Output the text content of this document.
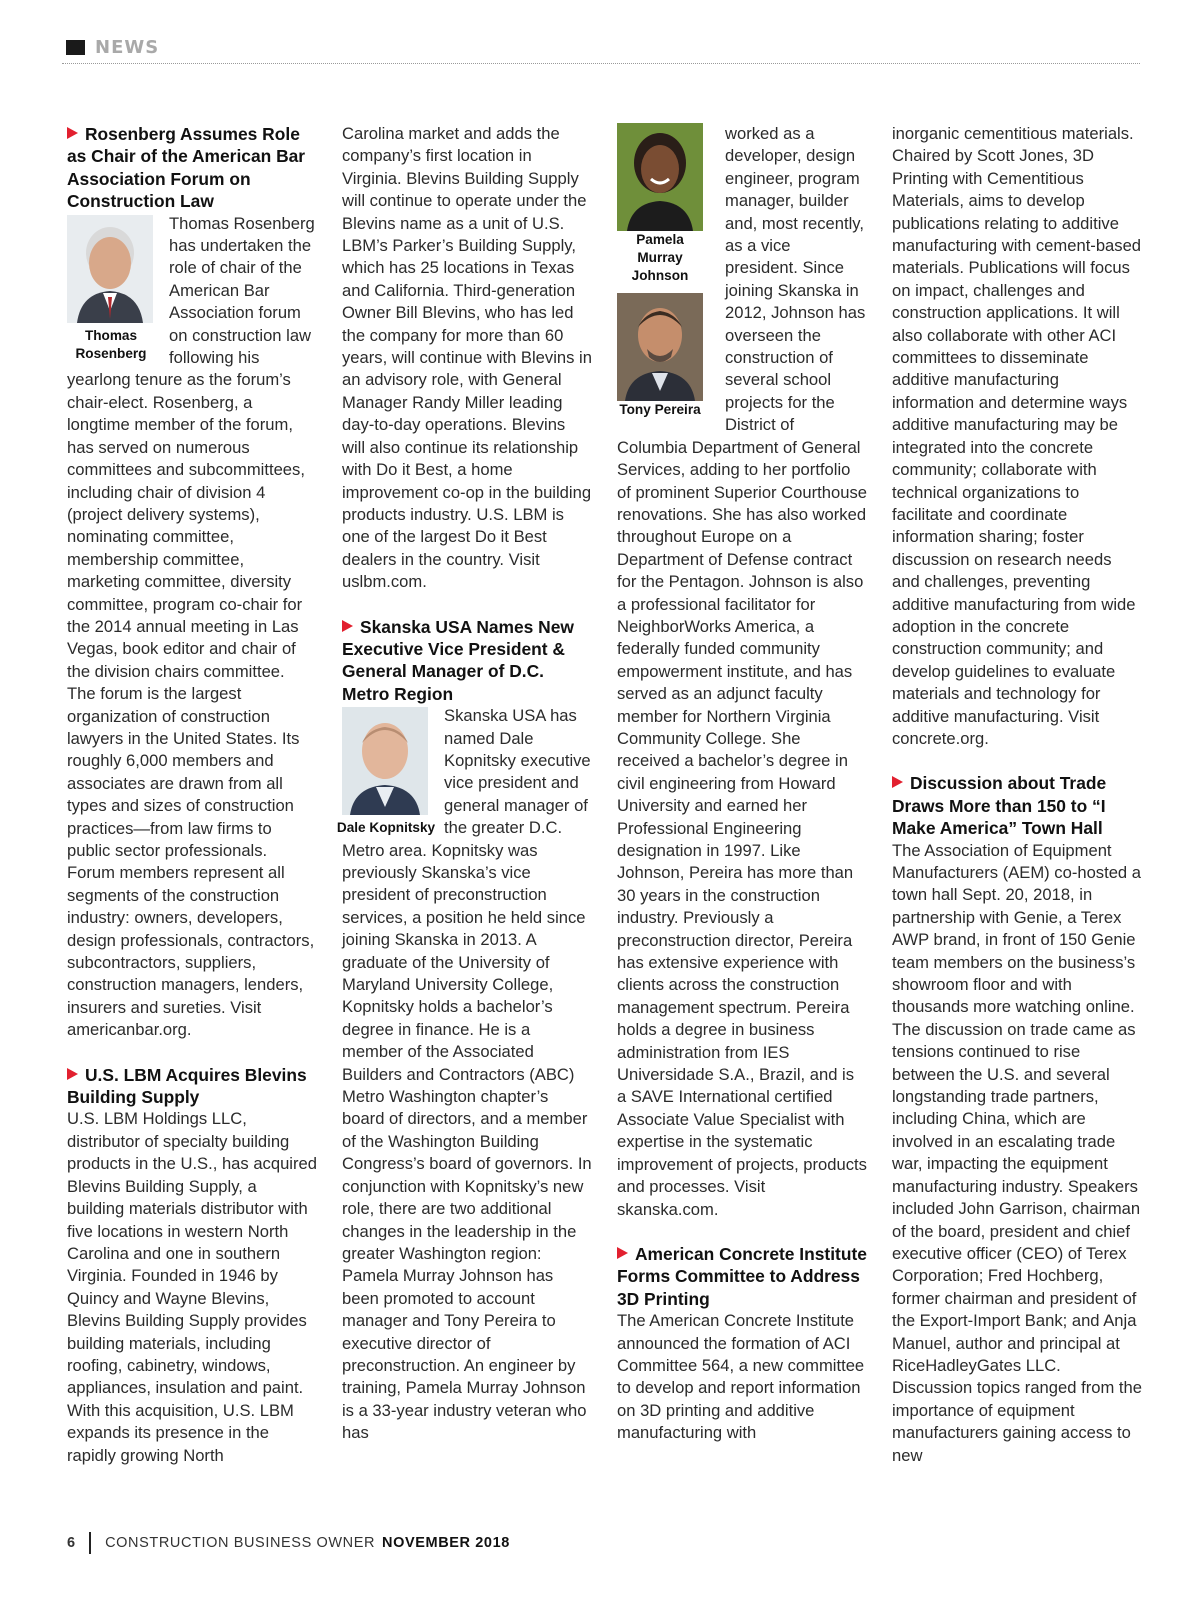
NEWS
Rosenberg Assumes Role as Chair of the American Bar Association Forum on Construction Law
Thomas Rosenberg
Thomas Rosenberg has undertaken the role of chair of the American Bar Association forum on construction law following his yearlong tenure as the forum’s chair-elect. Rosenberg, a longtime member of the forum, has served on numerous committees and subcommittees, including chair of division 4 (project delivery systems), nominating committee, membership committee, marketing committee, diversity committee, program co-chair for the 2014 annual meeting in Las Vegas, book editor and chair of the division chairs committee. The forum is the largest organization of construction lawyers in the United States. Its roughly 6,000 members and associates are drawn from all types and sizes of construction practices—from law firms to public sector professionals. Forum members represent all segments of the construction industry: owners, developers, design professionals, contractors, subcontractors, suppliers, construction managers, lenders, insurers and sureties. Visit americanbar.org.
U.S. LBM Acquires Blevins Building Supply
U.S. LBM Holdings LLC, distributor of specialty building products in the U.S., has acquired Blevins Building Supply, a building materials distributor with five locations in western North Carolina and one in southern Virginia. Founded in 1946 by Quincy and Wayne Blevins, Blevins Building Supply provides building materials, including roofing, cabinetry, windows, appliances, insulation and paint. With this acquisition, U.S. LBM expands its presence in the rapidly growing North
Carolina market and adds the company’s first location in Virginia. Blevins Building Supply will continue to operate under the Blevins name as a unit of U.S. LBM’s Parker’s Building Supply, which has 25 locations in Texas and California. Third-generation Owner Bill Blevins, who has led the company for more than 60 years, will continue with Blevins in an advisory role, with General Manager Randy Miller leading day-to-day operations. Blevins will also continue its relationship with Do it Best, a home improvement co-op in the building products industry. U.S. LBM is one of the largest Do it Best dealers in the country. Visit uslbm.com.
Skanska USA Names New Executive Vice President & General Manager of D.C. Metro Region
Dale Kopnitsky
Skanska USA has named Dale Kopnitsky executive vice president and general manager of the greater D.C. Metro area. Kopnitsky was previously Skanska’s vice president of preconstruction services, a position he held since joining Skanska in 2013. A graduate of the University of Maryland University College, Kopnitsky holds a bachelor’s degree in finance. He is a member of the Associated Builders and Contractors (ABC) Metro Washington chapter’s board of directors, and a member of the Washington Building Congress’s board of governors. In conjunction with Kopnitsky’s new role, there are two additional changes in the leadership in the greater Washington region: Pamela Murray Johnson has been promoted to account manager and Tony Pereira to executive director of preconstruction. An engineer by training, Pamela Murray Johnson is a 33-year industry veteran who has
Pamela Murray Johnson
Tony Pereira
worked as a developer, design engineer, program manager, builder and, most recently, as a vice president. Since joining Skanska in 2012, Johnson has overseen the construction of several school projects for the District of Columbia Department of General Services, adding to her portfolio of prominent Superior Courthouse renovations. She has also worked throughout Europe on a Department of Defense contract for the Pentagon. Johnson is also a professional facilitator for NeighborWorks America, a federally funded community empowerment institute, and has served as an adjunct faculty member for Northern Virginia Community College. She received a bachelor’s degree in civil engineering from Howard University and earned her Professional Engineering designation in 1997. Like Johnson, Pereira has more than 30 years in the construction industry. Previously a preconstruction director, Pereira has extensive experience with clients across the construction management spectrum. Pereira holds a degree in business administration from IES Universidade S.A., Brazil, and is a SAVE International certified Associate Value Specialist with expertise in the systematic improvement of projects, products and processes. Visit skanska.com.
American Concrete Institute Forms Committee to Address 3D Printing
The American Concrete Institute announced the formation of ACI Committee 564, a new committee to develop and report information on 3D printing and additive manufacturing with
inorganic cementitious materials. Chaired by Scott Jones, 3D Printing with Cementitious Materials, aims to develop publications relating to additive manufacturing with cement-based materials. Publications will focus on impact, challenges and construction applications. It will also collaborate with other ACI committees to disseminate additive manufacturing information and determine ways additive manufacturing may be integrated into the concrete community; collaborate with technical organizations to facilitate and coordinate information sharing; foster discussion on research needs and challenges, preventing additive manufacturing from wide adoption in the concrete construction community; and develop guidelines to evaluate materials and technology for additive manufacturing. Visit concrete.org.
Discussion about Trade Draws More than 150 to “I Make America” Town Hall
The Association of Equipment Manufacturers (AEM) co-hosted a town hall Sept. 20, 2018, in partnership with Genie, a Terex AWP brand, in front of 150 Genie team members on the business’s showroom floor and with thousands more watching online. The discussion on trade came as tensions continued to rise between the U.S. and several longstanding trade partners, including China, which are involved in an escalating trade war, impacting the equipment manufacturing industry. Speakers included John Garrison, chairman of the board, president and chief executive officer (CEO) of Terex Corporation; Fred Hochberg, former chairman and president of the Export-Import Bank; and Anja Manuel, author and principal at RiceHadleyGates LLC. Discussion topics ranged from the importance of equipment manufacturers gaining access to new
6 CONSTRUCTION BUSINESS OWNER NOVEMBER 2018
